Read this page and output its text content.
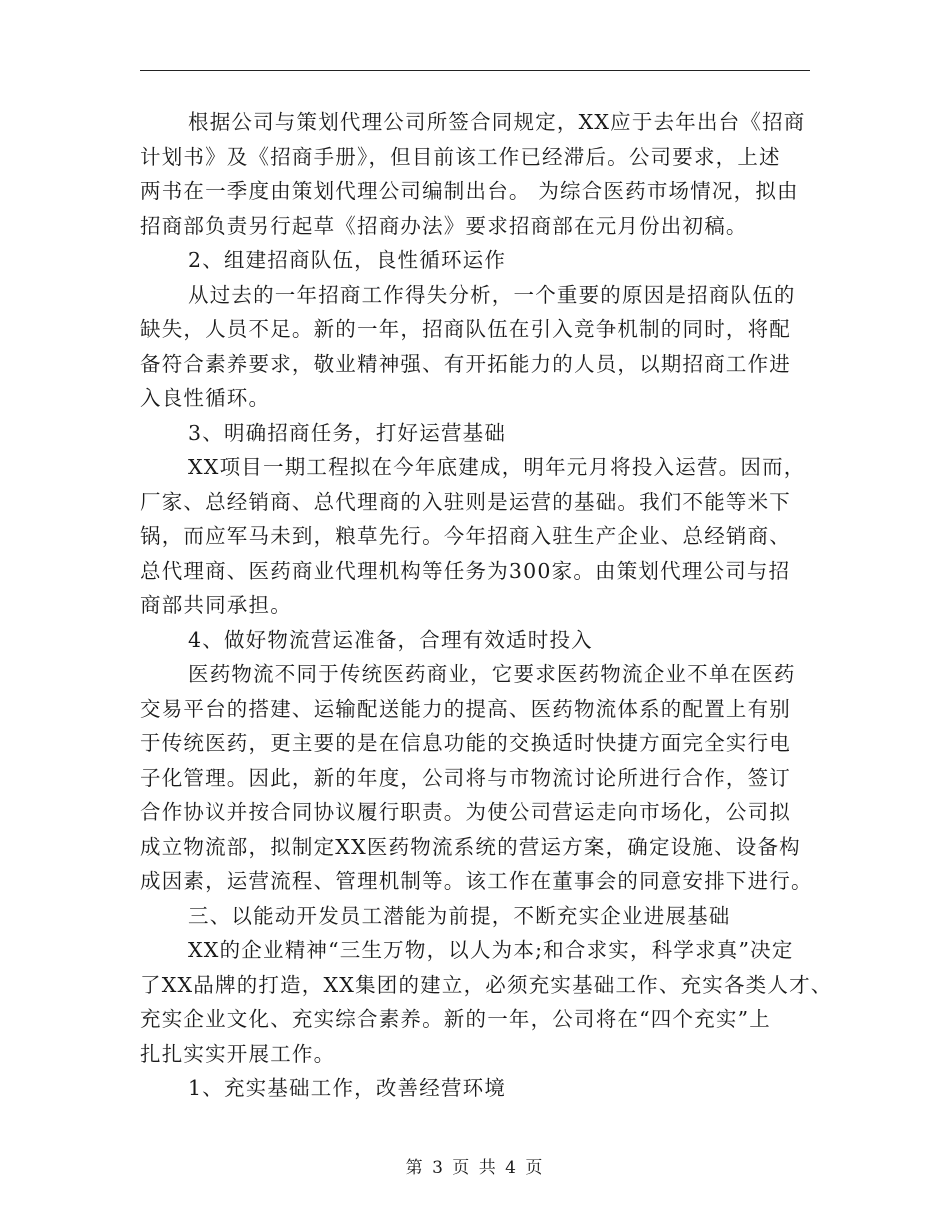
根据公司与策划代理公司所签合同规定，XX应于去年出台《招商
计划书》及《招商手册》，但目前该工作已经滞后。公司要求，上述
两书在一季度由策划代理公司编制出台。 为综合医药市场情况，拟由
招商部负责另行起草《招商办法》要求招商部在元月份出初稿。
2、组建招商队伍，良性循环运作
从过去的一年招商工作得失分析，一个重要的原因是招商队伍的
缺失，人员不足。新的一年，招商队伍在引入竞争机制的同时，将配
备符合素养要求，敬业精神强、有开拓能力的人员，以期招商工作进
入良性循环。
3、明确招商任务，打好运营基础
XX项目一期工程拟在今年底建成，明年元月将投入运营。因而，
厂家、总经销商、总代理商的入驻则是运营的基础。我们不能等米下
锅，而应军马未到，粮草先行。今年招商入驻生产企业、总经销商、
总代理商、医药商业代理机构等任务为300家。由策划代理公司与招
商部共同承担。
4、做好物流营运准备，合理有效适时投入
医药物流不同于传统医药商业，它要求医药物流企业不单在医药
交易平台的搭建、运输配送能力的提高、医药物流体系的配置上有别
于传统医药，更主要的是在信息功能的交换适时快捷方面完全实行电
子化管理。因此，新的年度，公司将与市物流讨论所进行合作，签订
合作协议并按合同协议履行职责。为使公司营运走向市场化，公司拟
成立物流部，拟制定XX医药物流系统的营运方案，确定设施、设备构
成因素，运营流程、管理机制等。该工作在董事会的同意安排下进行。
三、以能动开发员工潜能为前提，不断充实企业进展基础
XX的企业精神“三生万物，以人为本;和合求实，科学求真”决定
了XX品牌的打造，XX集团的建立，必须充实基础工作、充实各类人才、
充实企业文化、充实综合素养。新的一年，公司将在“四个充实”上
扎扎实实开展工作。
1、充实基础工作，改善经营环境
第 3 页 共 4 页
